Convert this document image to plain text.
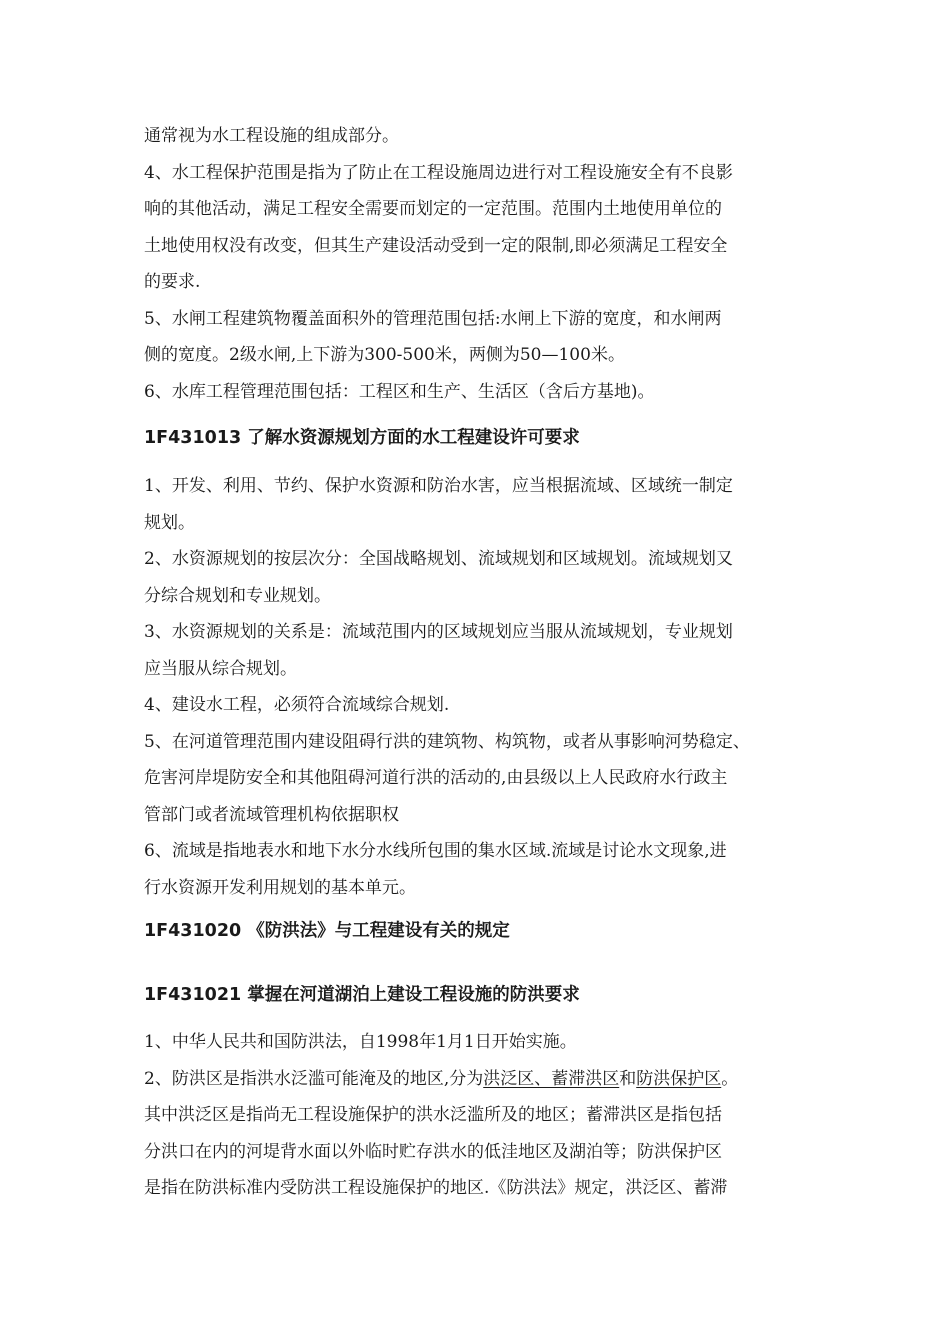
通常视为水工程设施的组成部分。
4、水工程保护范围是指为了防止在工程设施周边进行对工程设施安全有不良影
响的其他活动，满足工程安全需要而划定的一定范围。范围内土地使用单位的
土地使用权没有改变，但其生产建设活动受到一定的限制,即必须满足工程安全
的要求.
5、水闸工程建筑物覆盖面积外的管理范围包括:水闸上下游的宽度，和水闸两
侧的宽度。2级水闸,上下游为300-500米，两侧为50—100米。
6、水库工程管理范围包括：工程区和生产、生活区（含后方基地)。
1F431013 了解水资源规划方面的水工程建设许可要求
1、开发、利用、节约、保护水资源和防治水害，应当根据流域、区域统一制定
规划。
2、水资源规划的按层次分：全国战略规划、流域规划和区域规划。流域规划又
分综合规划和专业规划。
3、水资源规划的关系是：流域范围内的区域规划应当服从流域规划，专业规划
应当服从综合规划。
4、建设水工程，必须符合流域综合规划.
5、在河道管理范围内建设阻碍行洪的建筑物、构筑物，或者从事影响河势稳定、
危害河岸堤防安全和其他阻碍河道行洪的活动的,由县级以上人民政府水行政主
管部门或者流域管理机构依据职权
6、流域是指地表水和地下水分水线所包围的集水区域.流域是讨论水文现象,进
行水资源开发利用规划的基本单元。
1F431020 《防洪法》与工程建设有关的规定
1F431021 掌握在河道湖泊上建设工程设施的防洪要求
1、中华人民共和国防洪法，自1998年1月1日开始实施。
2、防洪区是指洪水泛滥可能淹及的地区,分为洪泛区、蓄滞洪区和防洪保护区。
其中洪泛区是指尚无工程设施保护的洪水泛滥所及的地区；蓄滞洪区是指包括
分洪口在内的河堤背水面以外临时贮存洪水的低洼地区及湖泊等；防洪保护区
是指在防洪标准内受防洪工程设施保护的地区.《防洪法》规定，洪泛区、蓄滞
